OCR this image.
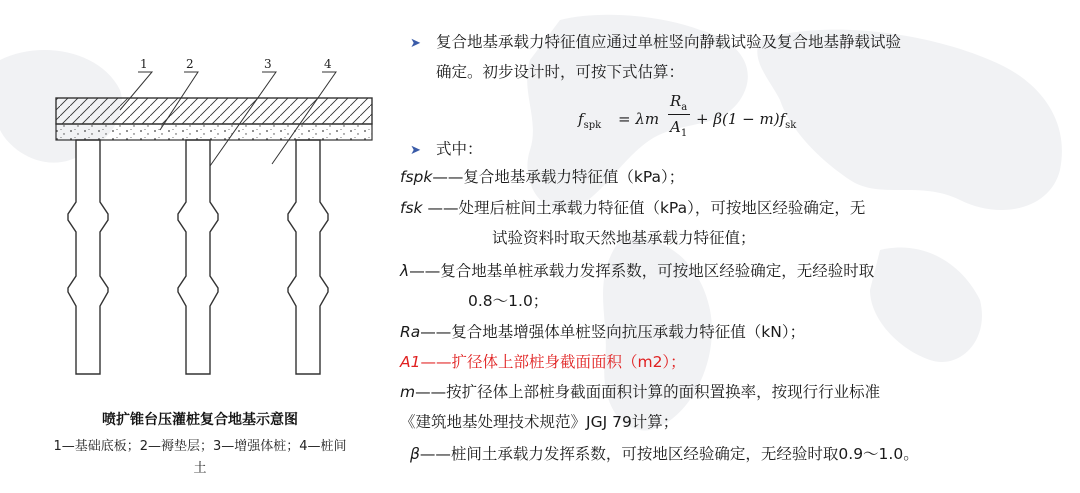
1	2	3	4
喷扩锥台压灌桩复合地基示意图
1—基础底板；2—褥垫层；3—增强体桩；4—桩间
土
➤ 复合地基承载力特征值应通过单桩竖向静载试验及复合地基静载试验
确定。初步设计时，可按下式估算：
$f_{spk} = \lambda m$
$R_a$
$A_1$
+ $\beta(1 - m)f_{sk}$
➤ 式中：
fspk——复合地基承载力特征值（kPa）；
fsk ——处理后桩间土承载力特征值（kPa），可按地区经验确定，无
试验资料时取天然地基承载力特征值；
λ——复合地基单桩承载力发挥系数，可按地区经验确定，无经验时取
0.8～1.0；
Ra——复合地基增强体单桩竖向抗压承载力特征值（kN）；
A1——扩径体上部桩身截面面积（m2）；
m——按扩径体上部桩身截面面积计算的面积置换率，按现行行业标准
《建筑地基处理技术规范》JGJ 79计算；
β——桩间土承载力发挥系数，可按地区经验确定，无经验时取0.9～1.0。
